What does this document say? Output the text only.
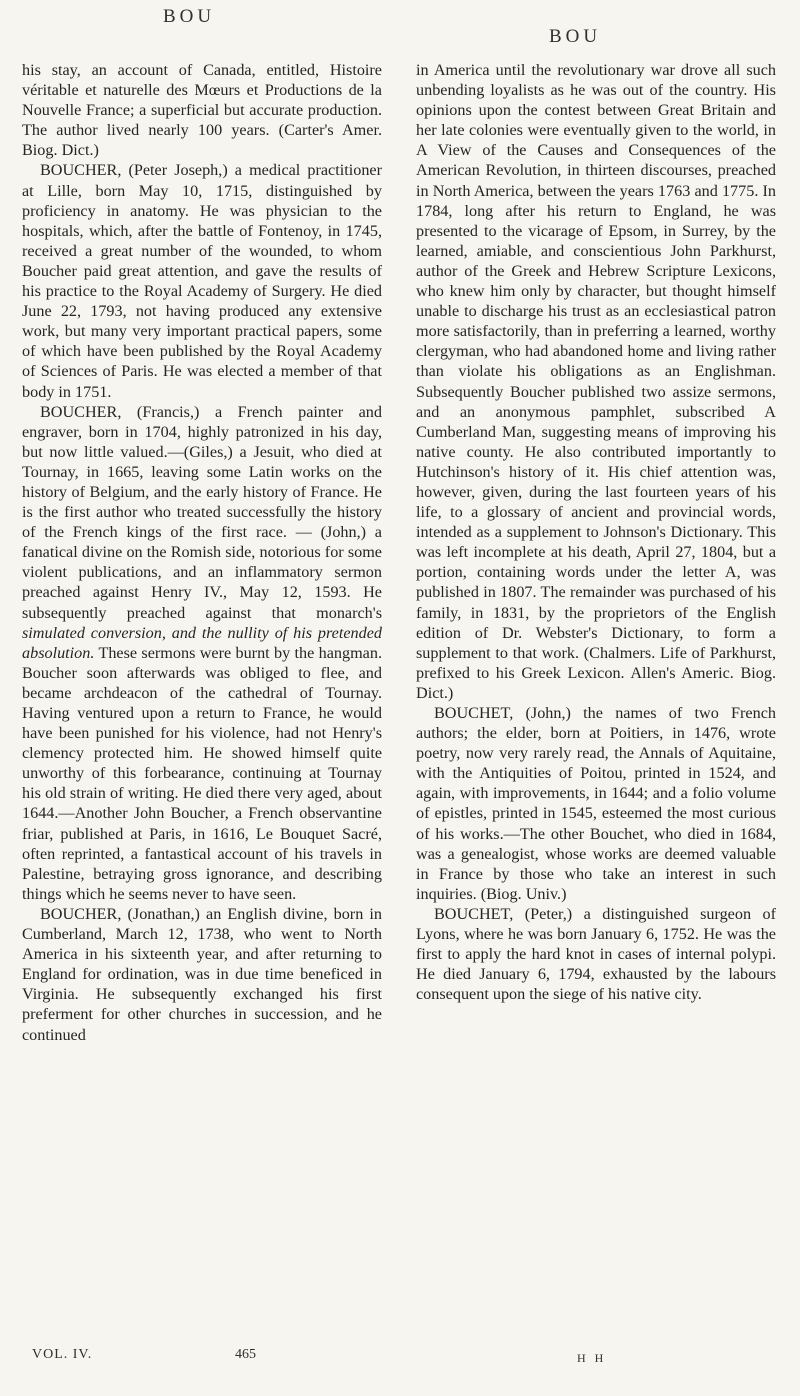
BOU
BOU

his stay, an account of Canada, entitled, Histoire véritable et naturelle des Mœurs et Productions de la Nouvelle France; a superficial but accurate production. The author lived nearly 100 years. (Carter's Amer. Biog. Dict.)

BOUCHER, (Peter Joseph,) a medical practitioner at Lille, born May 10, 1715, distinguished by proficiency in anatomy. He was physician to the hospitals, which, after the battle of Fontenoy, in 1745, received a great number of the wounded, to whom Boucher paid great attention, and gave the results of his practice to the Royal Academy of Surgery. He died June 22, 1793, not having produced any extensive work, but many very important practical papers, some of which have been published by the Royal Academy of Sciences of Paris. He was elected a member of that body in 1751.

BOUCHER, (Francis,) a French painter and engraver, born in 1704, highly patronized in his day, but now little valued.—(Giles,) a Jesuit, who died at Tournay, in 1665, leaving some Latin works on the history of Belgium, and the early history of France. He is the first author who treated successfully the history of the French kings of the first race. — (John,) a fanatical divine on the Romish side, notorious for some violent publications, and an inflammatory sermon preached against Henry IV., May 12, 1593. He subsequently preached against that monarch's simulated conversion, and the nullity of his pretended absolution. These sermons were burnt by the hangman. Boucher soon afterwards was obliged to flee, and became archdeacon of the cathedral of Tournay. Having ventured upon a return to France, he would have been punished for his violence, had not Henry's clemency protected him. He showed himself quite unworthy of this forbearance, continuing at Tournay his old strain of writing. He died there very aged, about 1644.—Another John Boucher, a French observantine friar, published at Paris, in 1616, Le Bouquet Sacré, often reprinted, a fantastical account of his travels in Palestine, betraying gross ignorance, and describing things which he seems never to have seen.

BOUCHER, (Jonathan,) an English divine, born in Cumberland, March 12, 1738, who went to North America in his sixteenth year, and after returning to England for ordination, was in due time beneficed in Virginia. He subsequently exchanged his first preferment for other churches in succession, and he continued

in America until the revolutionary war drove all such unbending loyalists as he was out of the country. His opinions upon the contest between Great Britain and her late colonies were eventually given to the world, in A View of the Causes and Consequences of the American Revolution, in thirteen discourses, preached in North America, between the years 1763 and 1775. In 1784, long after his return to England, he was presented to the vicarage of Epsom, in Surrey, by the learned, amiable, and conscientious John Parkhurst, author of the Greek and Hebrew Scripture Lexicons, who knew him only by character, but thought himself unable to discharge his trust as an ecclesiastical patron more satisfactorily, than in preferring a learned, worthy clergyman, who had abandoned home and living rather than violate his obligations as an Englishman. Subsequently Boucher published two assize sermons, and an anonymous pamphlet, subscribed A Cumberland Man, suggesting means of improving his native county. He also contributed importantly to Hutchinson's history of it. His chief attention was, however, given, during the last fourteen years of his life, to a glossary of ancient and provincial words, intended as a supplement to Johnson's Dictionary. This was left incomplete at his death, April 27, 1804, but a portion, containing words under the letter A, was published in 1807. The remainder was purchased of his family, in 1831, by the proprietors of the English edition of Dr. Webster's Dictionary, to form a supplement to that work. (Chalmers. Life of Parkhurst, prefixed to his Greek Lexicon. Allen's Americ. Biog. Dict.)

BOUCHET, (John,) the names of two French authors; the elder, born at Poitiers, in 1476, wrote poetry, now very rarely read, the Annals of Aquitaine, with the Antiquities of Poitou, printed in 1524, and again, with improvements, in 1644; and a folio volume of epistles, printed in 1545, esteemed the most curious of his works.—The other Bouchet, who died in 1684, was a genealogist, whose works are deemed valuable in France by those who take an interest in such inquiries. (Biog. Univ.)

BOUCHET, (Peter,) a distinguished surgeon of Lyons, where he was born January 6, 1752. He was the first to apply the hard knot in cases of internal polypi. He died January 6, 1794, exhausted by the labours consequent upon the siege of his native city.

VOL. IV.	465	H H
